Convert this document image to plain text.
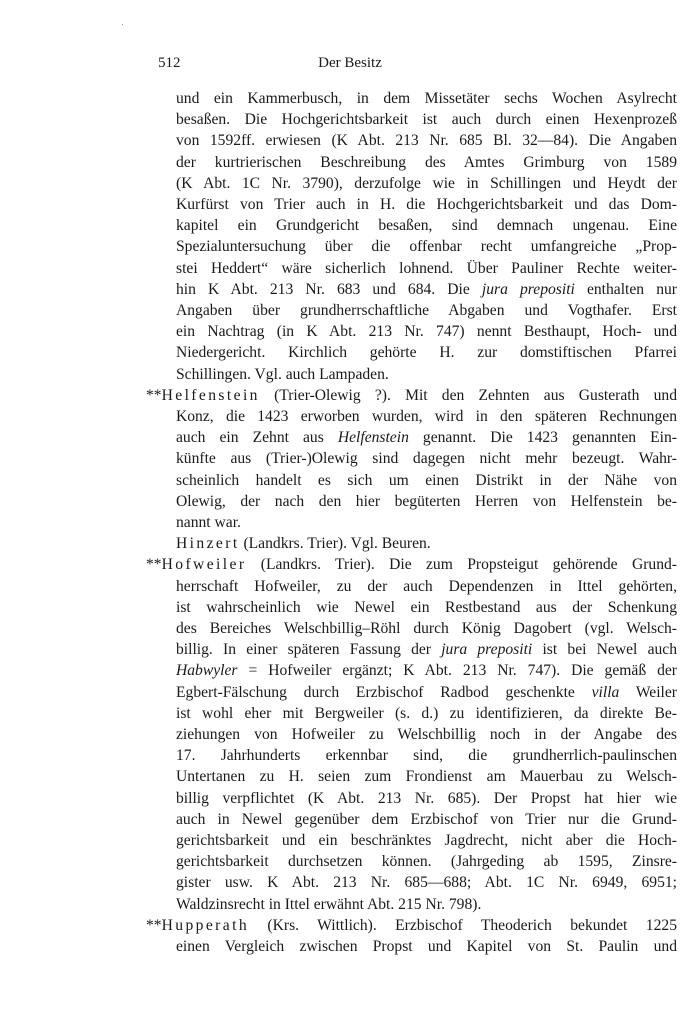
512	Der Besitz
und ein Kammerbusch, in dem Missetäter sechs Wochen Asylrecht
besaßen. Die Hochgerichtsbarkeit ist auch durch einen Hexenprozeß
von 1592ff. erwiesen (K Abt. 213 Nr. 685 Bl. 32—84). Die Angaben
der kurtrierischen Beschreibung des Amtes Grimburg von 1589
(K Abt. 1C Nr. 3790), derzufolge wie in Schillingen und Heydt der
Kurfürst von Trier auch in H. die Hochgerichtsbarkeit und das Dom-
kapitel ein Grundgericht besaßen, sind demnach ungenau. Eine
Spezialuntersuchung über die offenbar recht umfangreiche „Prop-
stei Heddert“ wäre sicherlich lohnend. Über Pauliner Rechte weiter-
hin K Abt. 213 Nr. 683 und 684. Die jura prepositi enthalten nur
Angaben über grundherrschaftliche Abgaben und Vogthafer. Erst
ein Nachtrag (in K Abt. 213 Nr. 747) nennt Besthaupt, Hoch- und
Niedergericht. Kirchlich gehörte H. zur domstiftischen Pfarrei
Schillingen. Vgl. auch Lampaden.
**Helfenstein (Trier-Olewig ?). Mit den Zehnten aus Gusterath und
Konz, die 1423 erworben wurden, wird in den späteren Rechnungen
auch ein Zehnt aus Helfenstein genannt. Die 1423 genannten Ein-
künfte aus (Trier-)Olewig sind dagegen nicht mehr bezeugt. Wahr-
scheinlich handelt es sich um einen Distrikt in der Nähe von
Olewig, der nach den hier begüterten Herren von Helfenstein be-
nannt war.
Hinzert (Landkrs. Trier). Vgl. Beuren.
**Hofweiler (Landkrs. Trier). Die zum Propsteigut gehörende Grund-
herrschaft Hofweiler, zu der auch Dependenzen in Ittel gehörten,
ist wahrscheinlich wie Newel ein Restbestand aus der Schenkung
des Bereiches Welschbillig–Röhl durch König Dagobert (vgl. Welsch-
billig. In einer späteren Fassung der jura prepositi ist bei Newel auch
Habwyler = Hofweiler ergänzt; K Abt. 213 Nr. 747). Die gemäß der
Egbert-Fälschung durch Erzbischof Radbod geschenkte villa Weiler
ist wohl eher mit Bergweiler (s. d.) zu identifizieren, da direkte Be-
ziehungen von Hofweiler zu Welschbillig noch in der Angabe des
17. Jahrhunderts erkennbar sind, die grundherrlich-paulinschen
Untertanen zu H. seien zum Frondienst am Mauerbau zu Welsch-
billig verpflichtet (K Abt. 213 Nr. 685). Der Propst hat hier wie
auch in Newel gegenüber dem Erzbischof von Trier nur die Grund-
gerichtsbarkeit und ein beschränktes Jagdrecht, nicht aber die Hoch-
gerichtsbarkeit durchsetzen können. (Jahrgeding ab 1595, Zinsre-
gister usw. K Abt. 213 Nr. 685—688; Abt. 1C Nr. 6949, 6951;
Waldzinsrecht in Ittel erwähnt Abt. 215 Nr. 798).
**Hupperath (Krs. Wittlich). Erzbischof Theoderich bekundet 1225
einen Vergleich zwischen Propst und Kapitel von St. Paulin und
